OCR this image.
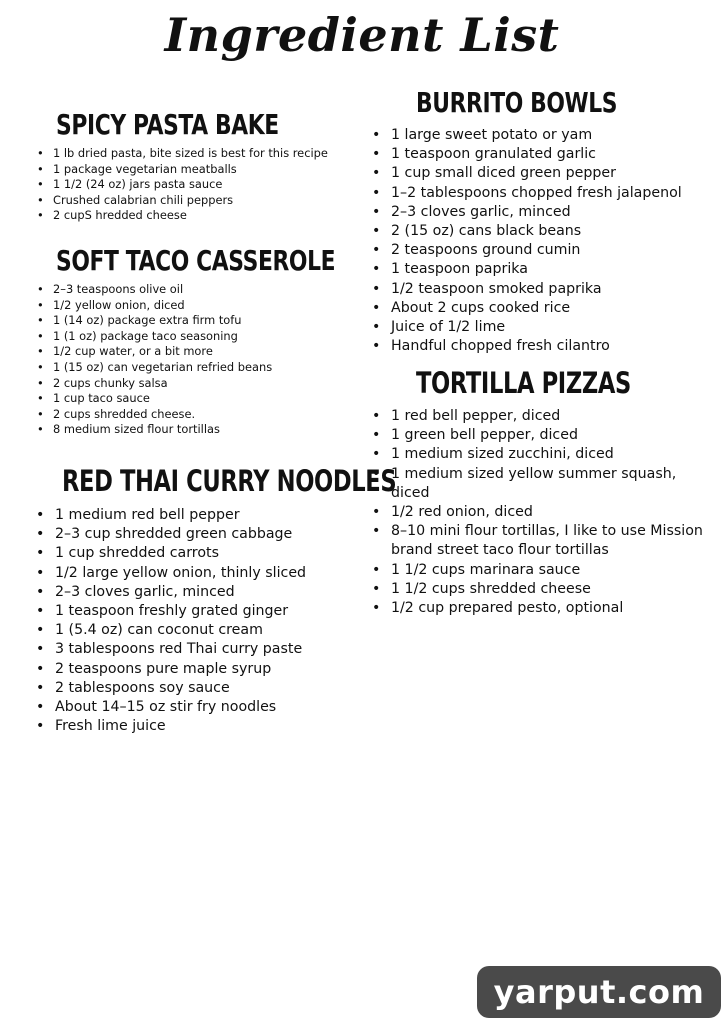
Ingredient List
SPICY PASTA BAKE
• 1 lb dried pasta, bite sized is best for this recipe
• 1 package vegetarian meatballs
• 1 1/2 (24 oz) jars pasta sauce
• Crushed calabrian chili peppers
• 2 cupS hredded cheese
SOFT TACO CASSEROLE
• 2–3 teaspoons olive oil
• 1/2 yellow onion, diced
• 1 (14 oz) package extra firm tofu
• 1 (1 oz) package taco seasoning
• 1/2 cup water, or a bit more
• 1 (15 oz) can vegetarian refried beans
• 2 cups chunky salsa
• 1 cup taco sauce
• 2 cups shredded cheese.
• 8 medium sized flour tortillas
RED THAI CURRY NOODLES
• 1 medium red bell pepper
• 2–3 cup shredded green cabbage
• 1 cup shredded carrots
• 1/2 large yellow onion, thinly sliced
• 2–3 cloves garlic, minced
• 1 teaspoon freshly grated ginger
• 1 (5.4 oz) can coconut cream
• 3 tablespoons red Thai curry paste
• 2 teaspoons pure maple syrup
• 2 tablespoons soy sauce
• About 14–15 oz stir fry noodles
• Fresh lime juice
BURRITO BOWLS
• 1 large sweet potato or yam
• 1 teaspoon granulated garlic
• 1 cup small diced green pepper
• 1–2 tablespoons chopped fresh jalapenol
• 2–3 cloves garlic, minced
• 2 (15 oz) cans black beans
• 2 teaspoons ground cumin
• 1 teaspoon paprika
• 1/2 teaspoon smoked paprika
• About 2 cups cooked rice
• Juice of 1/2 lime
• Handful chopped fresh cilantro
TORTILLA PIZZAS
• 1 red bell pepper, diced
• 1 green bell pepper, diced
• 1 medium sized zucchini, diced
• 1 medium sized yellow summer squash, diced
• 1/2 red onion, diced
• 8–10 mini flour tortillas, I like to use Mission brand street taco flour tortillas
• 1 1/2 cups marinara sauce
• 1 1/2 cups shredded cheese
• 1/2 cup prepared pesto, optional
yarput.com
